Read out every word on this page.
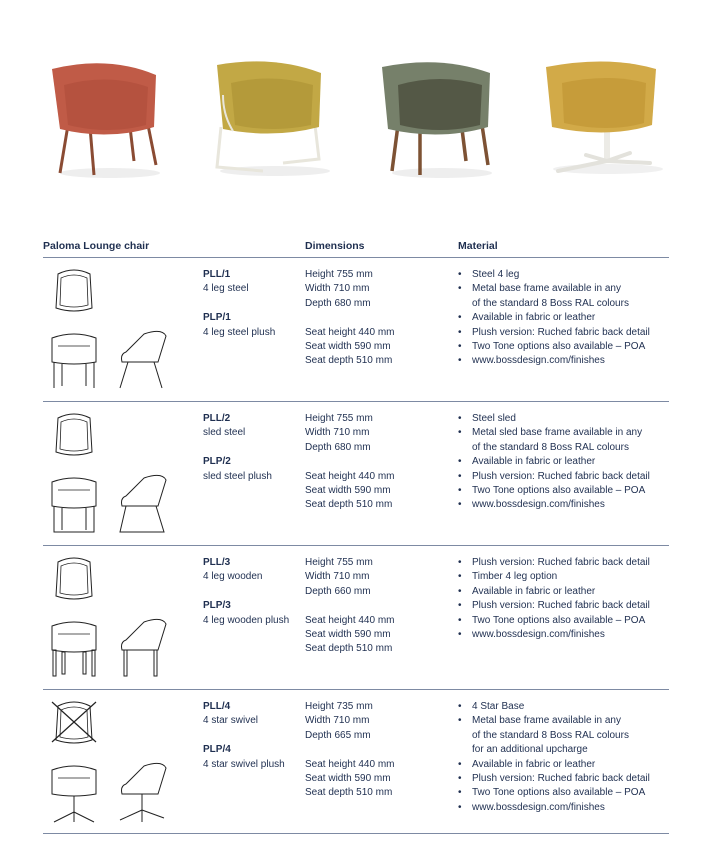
Paloma Lounge chair	Dimensions	Material
PLL/1
4 leg steel
PLP/1
4 leg steel plush
Height 755 mm
Width 710 mm
Depth 680 mm
Seat height 440 mm
Seat width 590 mm
Seat depth 510 mm
• Steel 4 leg
• Metal base frame available in any
of the standard 8 Boss RAL colours
• Available in fabric or leather
• Plush version: Ruched fabric back detail
• Two Tone options also available – POA
• www.bossdesign.com/finishes
PLL/2
sled steel
PLP/2
sled steel plush
Height 755 mm
Width 710 mm
Depth 680 mm
Seat height 440 mm
Seat width 590 mm
Seat depth 510 mm
• Steel sled
• Metal sled base frame available in any
of the standard 8 Boss RAL colours
• Available in fabric or leather
• Plush version: Ruched fabric back detail
• Two Tone options also available – POA
• www.bossdesign.com/finishes
PLL/3
4 leg wooden
PLP/3
4 leg wooden plush
Height 755 mm
Width 710 mm
Depth 660 mm
Seat height 440 mm
Seat width 590 mm
Seat depth 510 mm
• Plush version: Ruched fabric back detail
• Timber 4 leg option
• Available in fabric or leather
• Plush version: Ruched fabric back detail
• Two Tone options also available – POA
• www.bossdesign.com/finishes
PLL/4
4 star swivel
PLP/4
4 star swivel plush
Height 735 mm
Width 710 mm
Depth 665 mm
Seat height 440 mm
Seat width 590 mm
Seat depth 510 mm
• 4 Star Base
• Metal base frame available in any
of the standard 8 Boss RAL colours
for an additional upcharge
• Available in fabric or leather
• Plush version: Ruched fabric back detail
• Two Tone options also available – POA
• www.bossdesign.com/finishes
